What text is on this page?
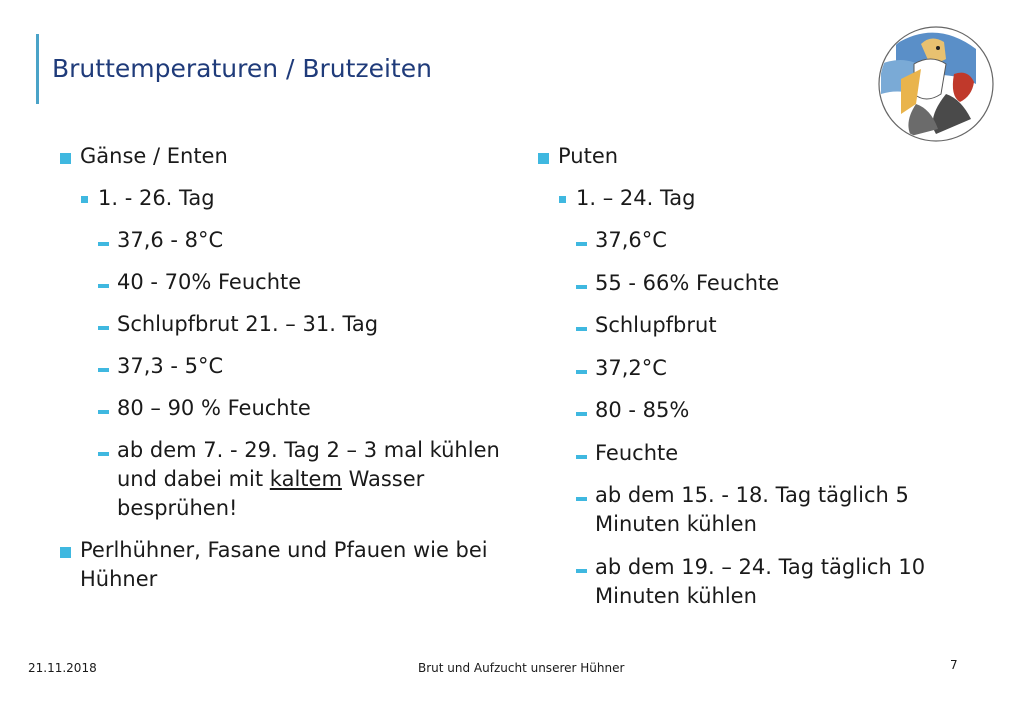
Bruttemperaturen / Brutzeiten
Gänse / Enten
1. - 26. Tag
37,6 - 8°C
40 - 70% Feuchte
Schlupfbrut 21. – 31. Tag
37,3 - 5°C
80 – 90 % Feuchte
ab dem 7. - 29. Tag 2 – 3 mal kühlen und dabei mit kaltem Wasser besprühen!
Perlhühner, Fasane und Pfauen wie bei Hühner
Puten
1. – 24. Tag
37,6°C
55 - 66% Feuchte
Schlupfbrut
37,2°C
80 - 85%
Feuchte
ab dem 15. - 18. Tag täglich 5 Minuten kühlen
ab dem 19. – 24. Tag täglich 10 Minuten kühlen
21.11.2018	Brut und Aufzucht unserer Hühner	7
